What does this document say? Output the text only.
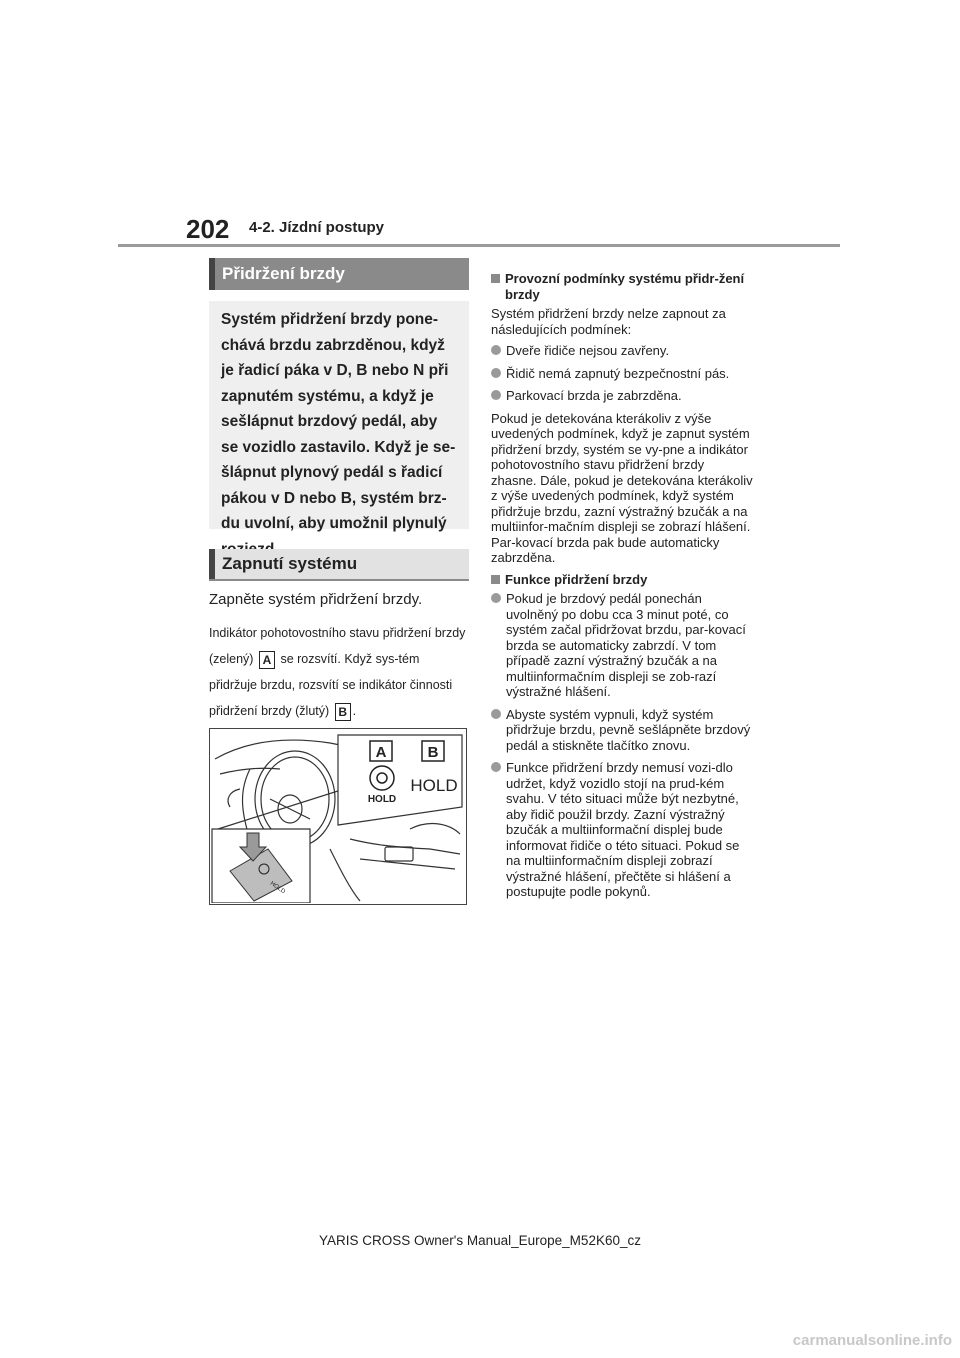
202 4-2. Jízdní postupy
Přidržení brzdy
Systém přidržení brzdy pone-chává brzdu zabrzděnou, když je řadicí páka v D, B nebo N při zapnutém systému, a když je sešlápnut brzdový pedál, aby se vozidlo zastavilo. Když je se-šlápnut plynový pedál s řadicí pákou v D nebo B, systém brz-du uvolní, aby umožnil plynulý
Zapnutí systému
Zapněte systém přidržení brzdy.
Indikátor pohotovostního stavu přidržení brzdy (zelený) A se rozsvítí. Když sys-tém přidržuje brzdu, rozsvítí se indikátor činnosti přidržení brzdy (žlutý) B .
A	B
HOLD
HOLD
HOLD
Provozní podmínky systému přidr-žení brzdy
Systém přidržení brzdy nelze zapnout za následujících podmínek:
Dveře řidiče nejsou zavřeny.
Řidič nemá zapnutý bezpečnostní pás.
Parkovací brzda je zabrzděna.
Pokud je detekována kterákoliv z výše uvedených podmínek, když je zapnut systém přidržení brzdy, systém se vy-pne a indikátor pohotovostního stavu přidržení brzdy zhasne. Dále, pokud je detekována kterákoliv z výše uvedených podmínek, když systém přidržuje brzdu, zazní výstražný bzučák a na multiinfor-mačním displeji se zobrazí hlášení. Par-kovací brzda pak bude automaticky zabrzděna.
Funkce přidržení brzdy
Pokud je brzdový pedál ponechán uvolněný po dobu cca 3 minut poté, co systém začal přidržovat brzdu, par-kovací brzda se automaticky zabrzdí. V tom případě zazní výstražný bzučák a na multiinformačním displeji se zob-razí výstražné hlášení.
Abyste systém vypnuli, když systém přidržuje brzdu, pevně sešlápněte brzdový pedál a stiskněte tlačítko znovu.
Funkce přidržení brzdy nemusí vozi-dlo udržet, když vozidlo stojí na prud-kém svahu. V této situaci může být nezbytné, aby řidič použil brzdy. Zazní výstražný bzučák a multiinformační displej bude informovat řidiče o této situaci. Pokud se na multiinformačním displeji zobrazí výstražné hlášení, přečtěte si hlášení a postupujte podle pokynů.
YARIS CROSS Owner's Manual_Europe_M52K60_cz
carmanualsonline.info
